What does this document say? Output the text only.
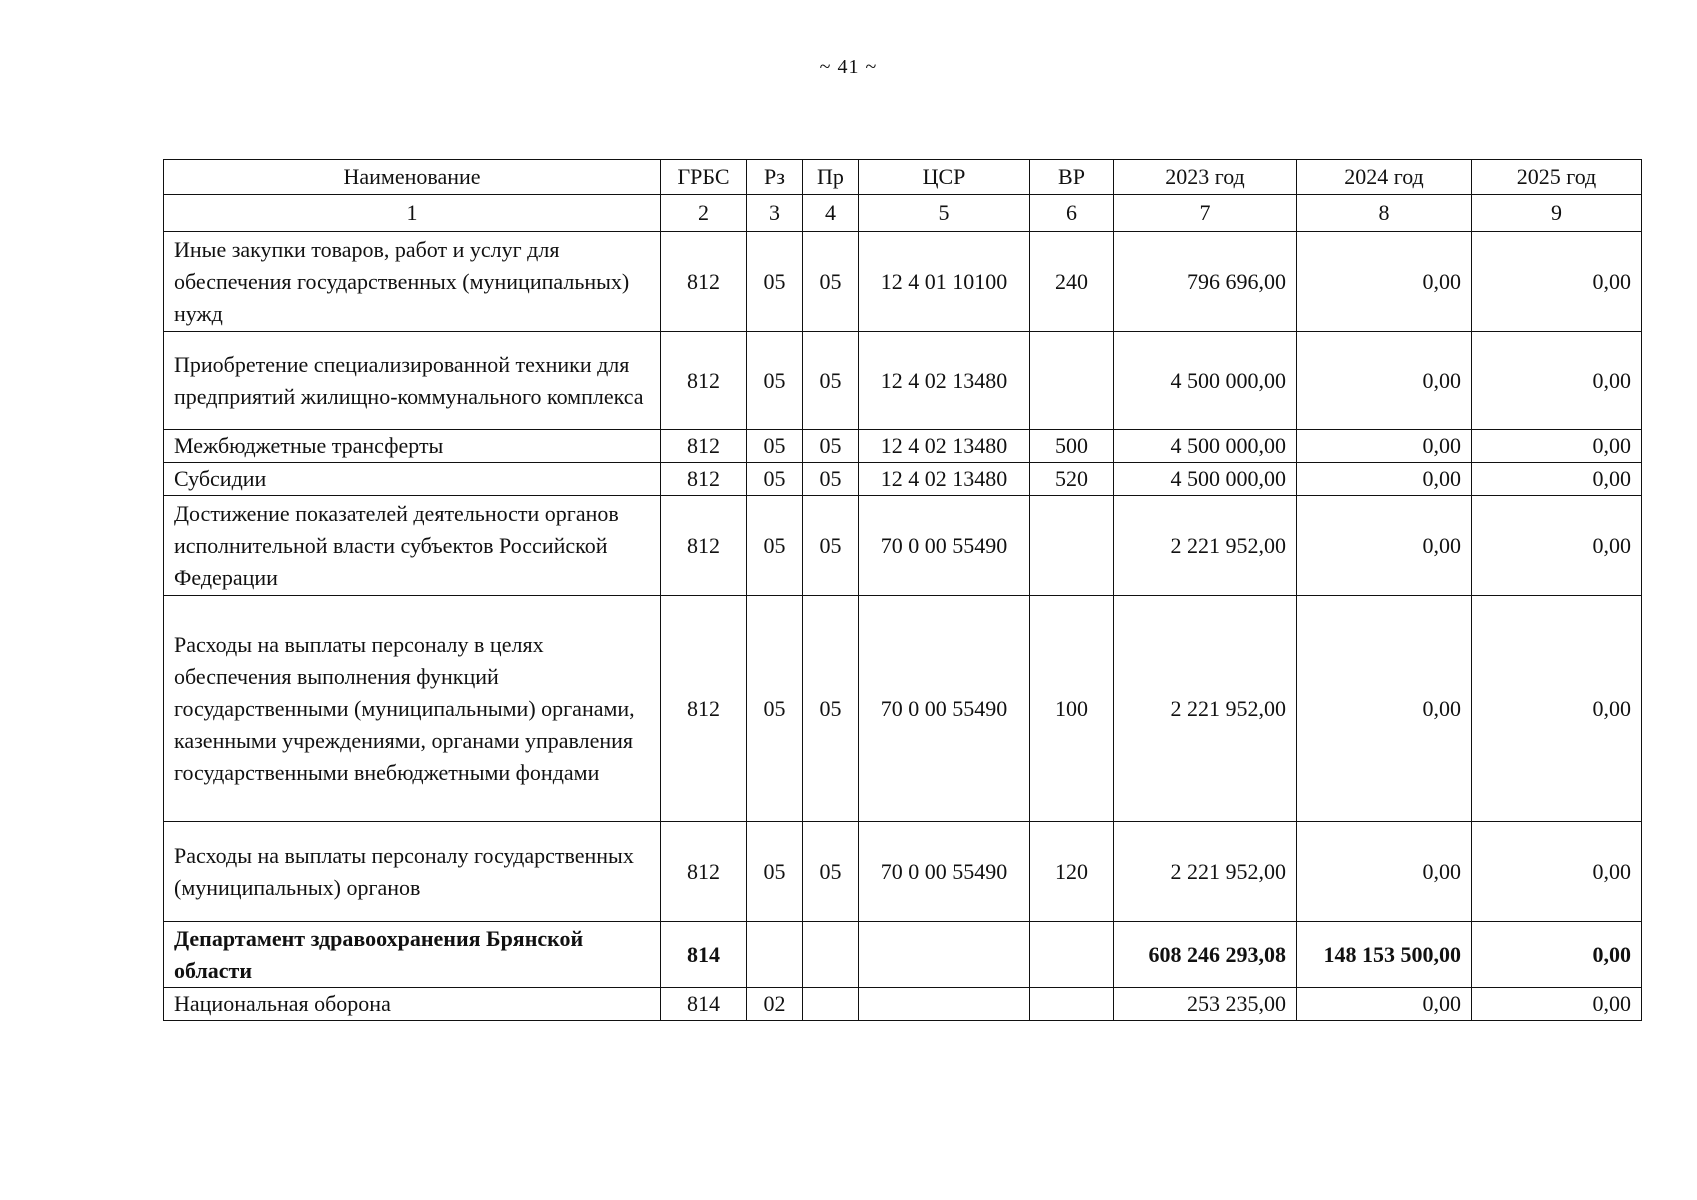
~ 41 ~
Наименование	ГРБС	Рз	Пр	ЦСР	ВР	2023 год	2024 год	2025 год
1	2	3	4	5	6	7	8	9
Иные закупки товаров, работ и услуг для обеспечения государственных (муниципальных) нужд	812	05	05	12 4 01 10100	240	796 696,00	0,00	0,00
Приобретение специализированной техники для предприятий жилищно-коммунального комплекса	812	05	05	12 4 02 13480		4 500 000,00	0,00	0,00
Межбюджетные трансферты	812	05	05	12 4 02 13480	500	4 500 000,00	0,00	0,00
Субсидии	812	05	05	12 4 02 13480	520	4 500 000,00	0,00	0,00
Достижение показателей деятельности органов исполнительной власти субъектов Российской Федерации	812	05	05	70 0 00 55490		2 221 952,00	0,00	0,00
Расходы на выплаты персоналу в целях обеспечения выполнения функций государственными (муниципальными) органами, казенными учреждениями, органами управления государственными внебюджетными фондами	812	05	05	70 0 00 55490	100	2 221 952,00	0,00	0,00
Расходы на выплаты персоналу государственных (муниципальных) органов	812	05	05	70 0 00 55490	120	2 221 952,00	0,00	0,00
Департамент здравоохранения Брянской области	814					608 246 293,08	148 153 500,00	0,00
Национальная оборона	814	02				253 235,00	0,00	0,00
